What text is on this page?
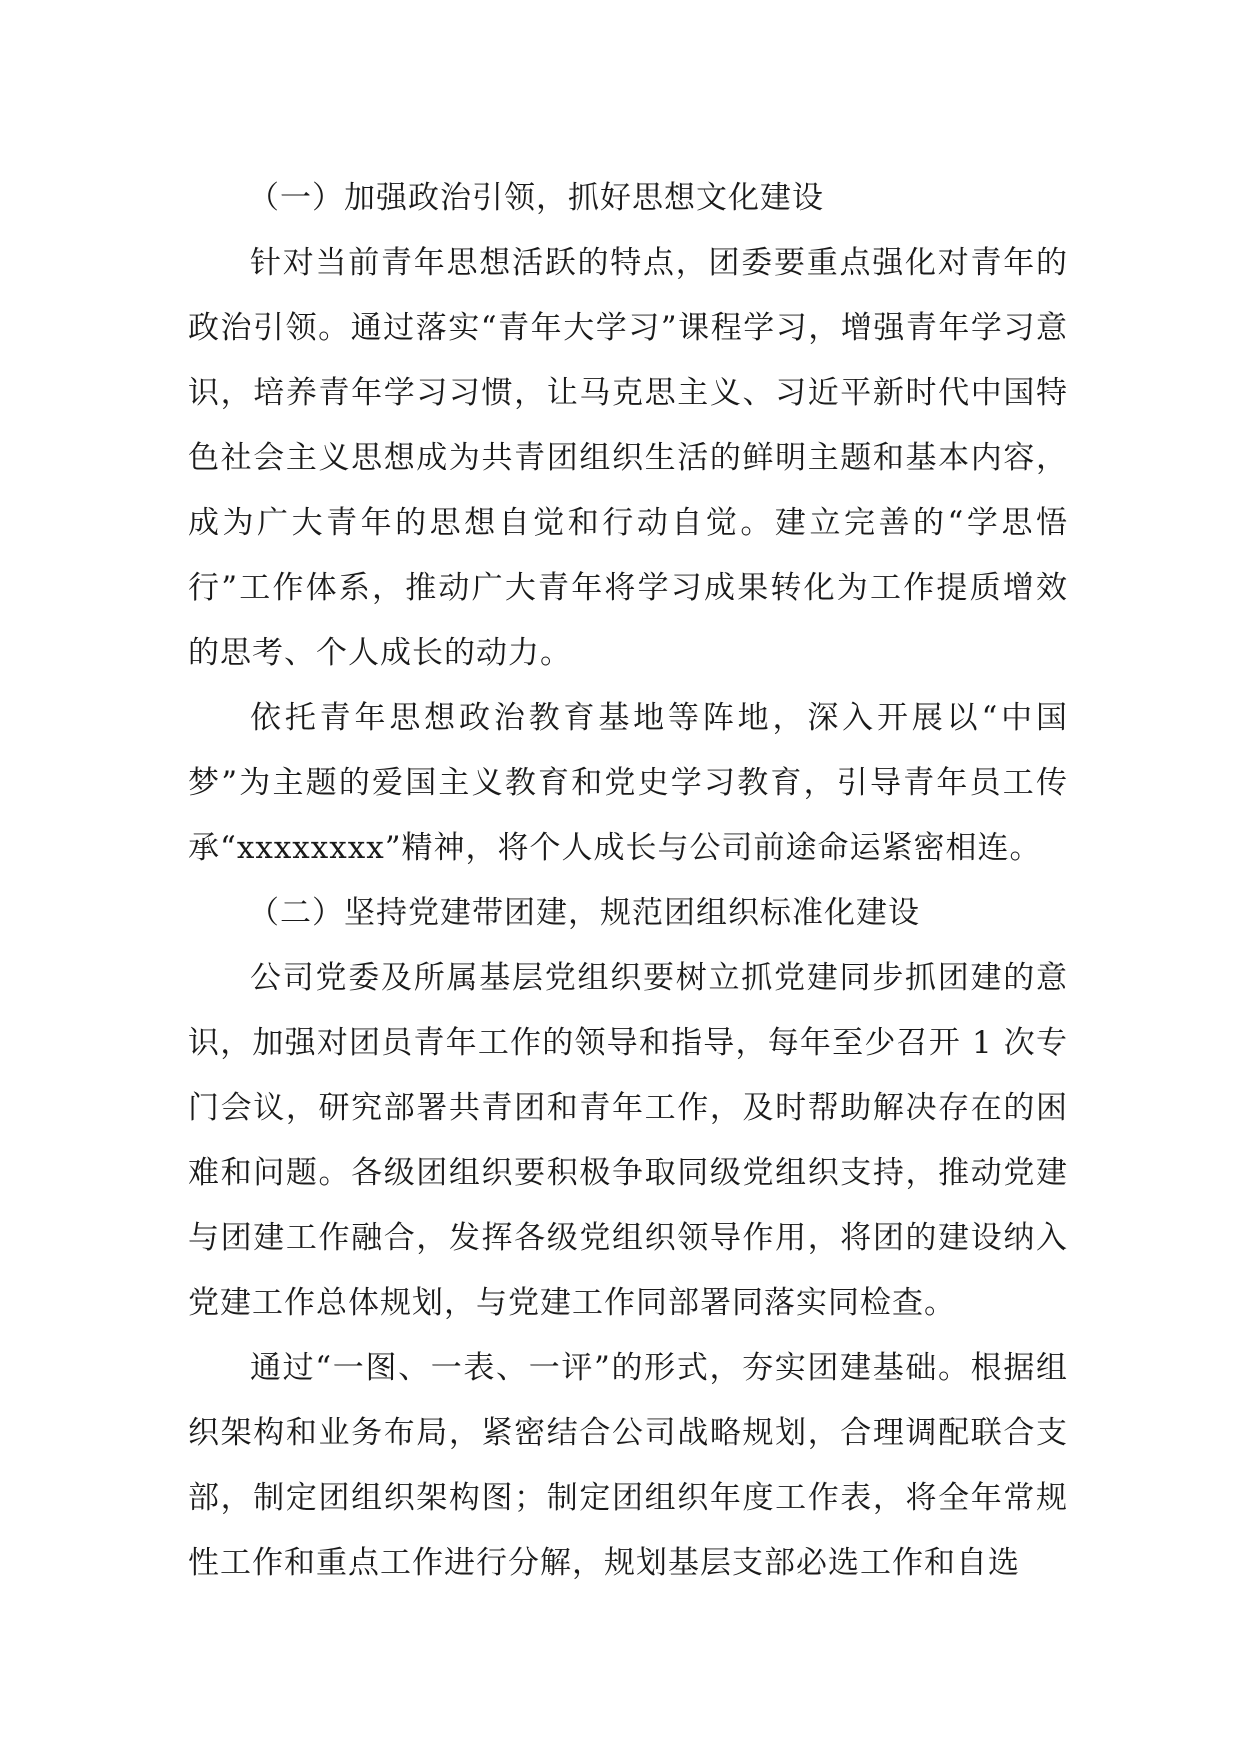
（一）加强政治引领，抓好思想文化建设

针对当前青年思想活跃的特点，团委要重点强化对青年的政治引领。通过落实“青年大学习”课程学习，增强青年学习意识，培养青年学习习惯，让马克思主义、习近平新时代中国特色社会主义思想成为共青团组织生活的鲜明主题和基本内容，成为广大青年的思想自觉和行动自觉。建立完善的“学思悟行”工作体系，推动广大青年将学习成果转化为工作提质增效的思考、个人成长的动力。

依托青年思想政治教育基地等阵地，深入开展以“中国梦”为主题的爱国主义教育和党史学习教育，引导青年员工传承“xxxxxxxx”精神，将个人成长与公司前途命运紧密相连。

（二）坚持党建带团建，规范团组织标准化建设

公司党委及所属基层党组织要树立抓党建同步抓团建的意识，加强对团员青年工作的领导和指导，每年至少召开 1 次专门会议，研究部署共青团和青年工作，及时帮助解决存在的困难和问题。各级团组织要积极争取同级党组织支持，推动党建与团建工作融合，发挥各级党组织领导作用，将团的建设纳入党建工作总体规划，与党建工作同部署同落实同检查。

通过“一图、一表、一评”的形式，夯实团建基础。根据组织架构和业务布局，紧密结合公司战略规划，合理调配联合支部，制定团组织架构图；制定团组织年度工作表，将全年常规性工作和重点工作进行分解，规划基层支部必选工作和自选
